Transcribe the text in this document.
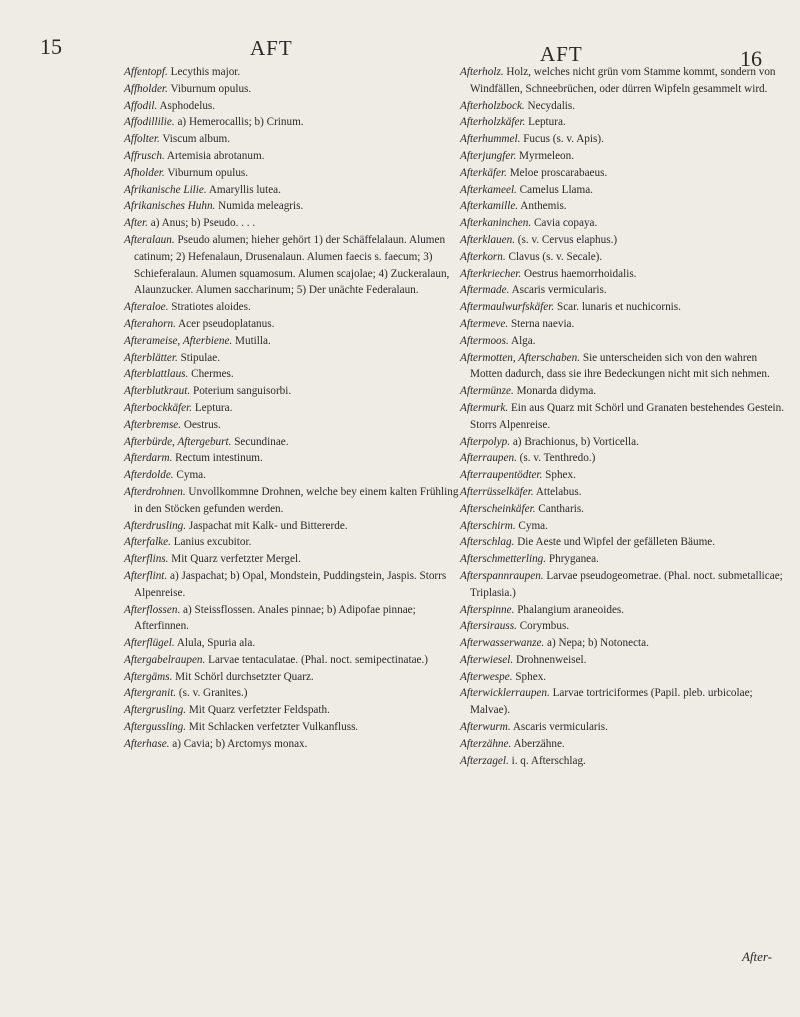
15	AFT	AFT	16

Affentopf. Lecythis major.

Affholder. Viburnum opulus.

Affodil. Asphodelus.

Affodillilie. a) Hemerocallis; b) Crinum.

Affolter. Viscum album.

Affrusch. Artemisia abrotanum.

Afholder. Viburnum opulus.

Afrikanische Lilie. Amaryllis lutea.

Afrikanisches Huhn. Numida meleagris.

After. a) Anus; b) Pseudo. . . .

Afteralaun. Pseudo alumen; hieher gehört 1) der Schäffelalaun. Alumen catinum; 2) Hefenalaun, Drusenalaun. Alumen faecis s. faecum; 3) Schieferalaun. Alumen squamosum. Alumen scajolae; 4) Zuckeralaun, Alaunzucker. Alumen saccharinum; 5) Der unächte Federalaun.

Afteraloe. Stratiotes aloides.

Afterahorn. Acer pseudoplatanus.

Afterameise, Afterbiene. Mutilla.

Afterblätter. Stipulae.

Afterblattlaus. Chermes.

Afterblutkraut. Poterium sanguisorbi.

Afterbockkäfer. Leptura.

Afterbremse. Oestrus.

Afterbürde, Aftergeburt. Secundinae.

Afterdarm. Rectum intestinum.

Afterdolde. Cyma.

Afterdrohnen. Unvollkommne Drohnen, welche bey einem kalten Frühling in den Stöcken gefunden werden.

Afterdrusling. Jaspachat mit Kalk- und Bittererde.

Afterfalke. Lanius excubitor.

Afterflins. Mit Quarz verfetzter Mergel.

Afterflint. a) Jaspachat; b) Opal, Mondstein, Puddingstein, Jaspis. Storrs Alpenreise.

Afterflossen. a) Steissflossen. Anales pinnae; b) Adipofae pinnae; Afterfinnen.

Afterflügel. Alula, Spuria ala.

Aftergabelraupen. Larvae tentaculatae. (Phal. noct. semipectinatae.)

Aftergäms. Mit Schörl durchsetzter Quarz.

Aftergranit. (s. v. Granites.)

Aftergrusling. Mit Quarz verfetzter Feldspath.

Aftergussling. Mit Schlacken verfetzter Vulkanfluss.

Afterhase. a) Cavia; b) Arctomys monax.

Afterholz. Holz, welches nicht grün vom Stamme kommt, sondern von Windfällen, Schneebrüchen, oder dürren Wipfeln gesammelt wird.

Afterholzbock. Necydalis.

Afterholzkäfer. Leptura.

Afterhummel. Fucus (s. v. Apis).

Afterjungfer. Myrmeleon.

Afterkäfer. Meloe proscarabaeus.

Afterkameel. Camelus Llama.

Afterkamille. Anthemis.

Afterkaninchen. Cavia copaya.

Afterklauen. (s. v. Cervus elaphus.)

Afterkorn. Clavus (s. v. Secale).

Afterkriecher. Oestrus haemorrhoidalis.

Aftermade. Ascaris vermicularis.

Aftermaulwurfskäfer. Scar. lunaris et nuchicornis.

Aftermeve. Sterna naevia.

Aftermoos. Alga.

Aftermotten, Afterschaben. Sie unterscheiden sich von den wahren Motten dadurch, dass sie ihre Bedeckungen nicht mit sich nehmen.

Aftermünze. Monarda didyma.

Aftermurk. Ein aus Quarz mit Schörl und Granaten bestehendes Gestein. Storrs Alpenreise.

Afterpolyp. a) Brachionus, b) Vorticella.

Afterraupen. (s. v. Tenthredo.)

Afterraupentödter. Sphex.

Afterrüsselkäfer. Attelabus.

Afterscheinkäfer. Cantharis.

Afterschirm. Cyma.

Afterschlag. Die Aeste und Wipfel der gefälleten Bäume.

Afterschmetterling. Phryganea.

Afterspannraupen. Larvae pseudogeometrae. (Phal. noct. submetallicae; Triplasia.)

Afterspinne. Phalangium araneoides.

Aftersirauss. Corymbus.

Afterwasserwanze. a) Nepa; b) Notonecta.

Afterwiesel. Drohnenweisel.

Afterwespe. Sphex.

Afterwicklerraupen. Larvae tortriciformes (Papil. pleb. urbicolae; Malvae).

Afterwurm. Ascaris vermicularis.

Afterzähne. Aberzähne.

Afterzagel. i. q. Afterschlag.

After-
